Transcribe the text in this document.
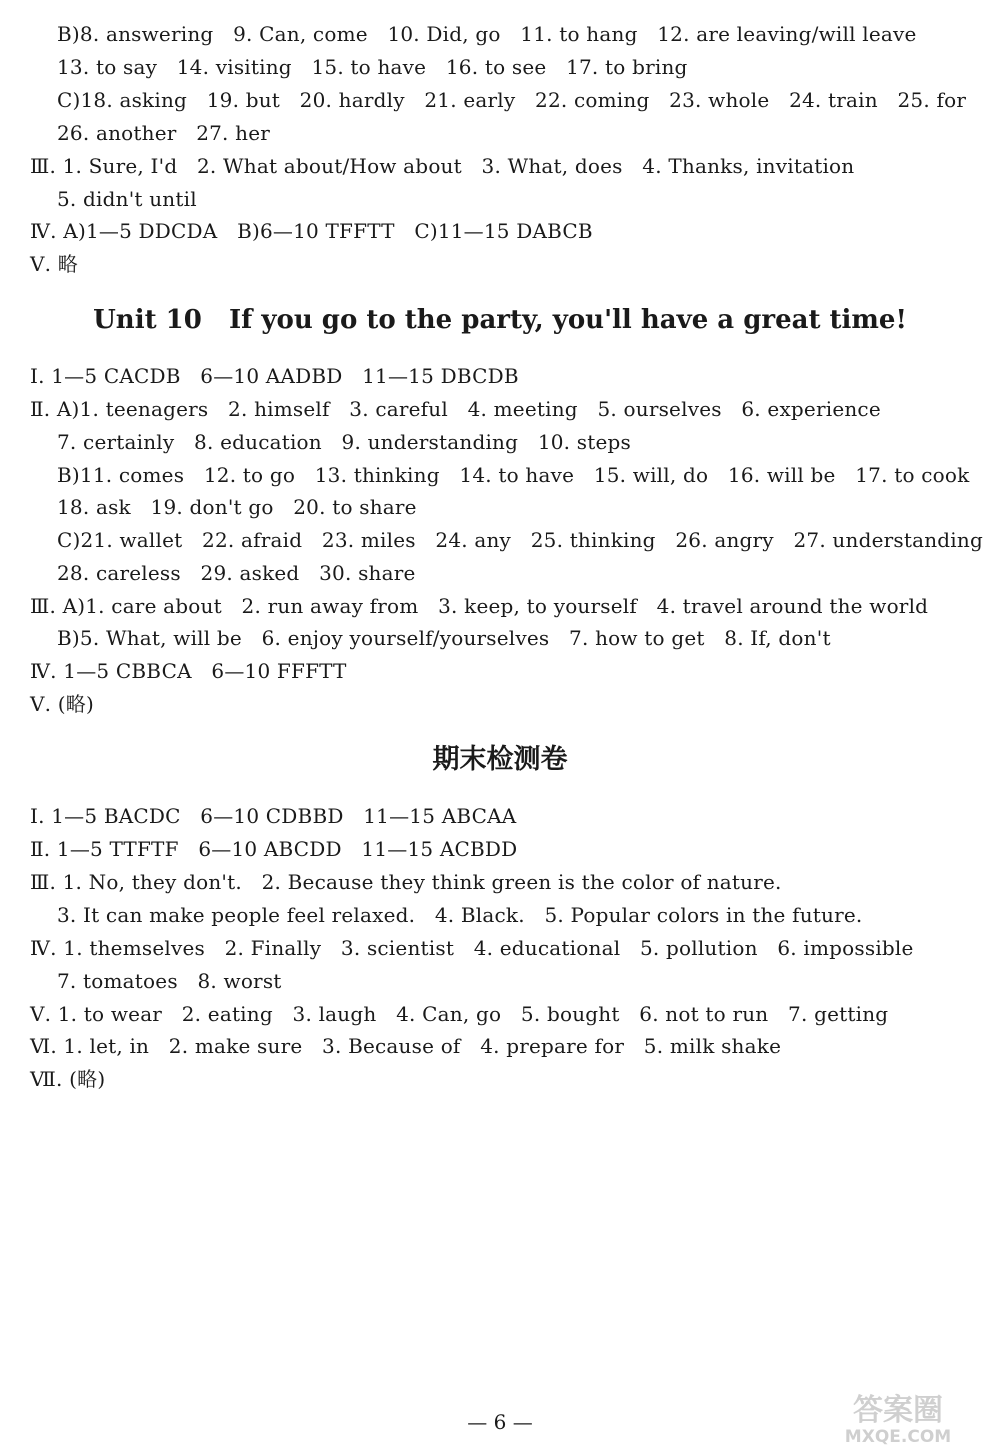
B)8. answering   9. Can, come   10. Did, go   11. to hang   12. are leaving/will leave
13. to say   14. visiting   15. to have   16. to see   17. to bring
C)18. asking   19. but   20. hardly   21. early   22. coming   23. whole   24. train   25. for
26. another   27. her
Ⅲ. 1. Sure, I'd   2. What about/How about   3. What, does   4. Thanks, invitation
5. didn't until
Ⅳ. A)1—5 DDCDA   B)6—10 TFFTT   C)11—15 DABCB
Ⅴ. 略
Unit 10   If you go to the party, you'll have a great time!
Ⅰ. 1—5 CACDB   6—10 AADBD   11—15 DBCDB
Ⅱ. A)1. teenagers   2. himself   3. careful   4. meeting   5. ourselves   6. experience
7. certainly   8. education   9. understanding   10. steps
B)11. comes   12. to go   13. thinking   14. to have   15. will, do   16. will be   17. to cook
18. ask   19. don't go   20. to share
C)21. wallet   22. afraid   23. miles   24. any   25. thinking   26. angry   27. understanding
28. careless   29. asked   30. share
Ⅲ. A)1. care about   2. run away from   3. keep, to yourself   4. travel around the world
B)5. What, will be   6. enjoy yourself/yourselves   7. how to get   8. If, don't
Ⅳ. 1—5 CBBCA   6—10 FFFTT
Ⅴ. (略)
期末检测卷
Ⅰ. 1—5 BACDC   6—10 CDBBD   11—15 ABCAA
Ⅱ. 1—5 TTFTF   6—10 ABCDD   11—15 ACBDD
Ⅲ. 1. No, they don't.   2. Because they think green is the color of nature.
3. It can make people feel relaxed.   4. Black.   5. Popular colors in the future.
Ⅳ. 1. themselves   2. Finally   3. scientist   4. educational   5. pollution   6. impossible
7. tomatoes   8. worst
Ⅴ. 1. to wear   2. eating   3. laugh   4. Can, go   5. bought   6. not to run   7. getting
Ⅵ. 1. let, in   2. make sure   3. Because of   4. prepare for   5. milk shake
Ⅶ. (略)
— 6 —	答案圈
MXQE.COM
